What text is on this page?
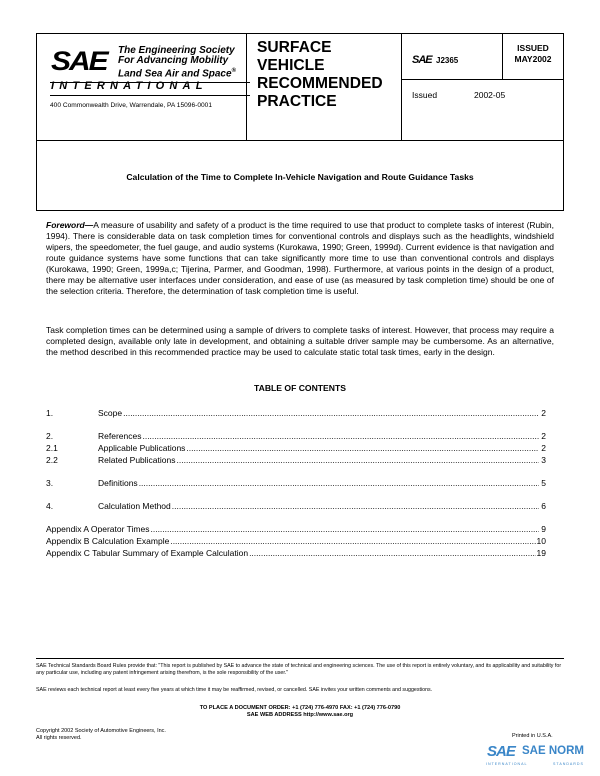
SAE The Engineering Society
For Advancing Mobility
Land Sea Air and Space®
INTERNATIONAL
400 Commonwealth Drive, Warrendale, PA 15096-0001
SURFACE
VEHICLE
RECOMMENDED
PRACTICE
SAE J2365
ISSUED
MAY2002
Issued	2002-05
Calculation of the Time to Complete In-Vehicle Navigation and Route Guidance Tasks
Foreword—A measure of usability and safety of a product is the time required to use that product to complete tasks of interest (Rubin, 1994). There is considerable data on task completion times for conventional controls and displays such as the headlights, windshield wipers, the speedometer, the fuel gauge, and audio systems (Kurokawa, 1990; Green, 1999d). Current evidence is that navigation and route guidance systems have some functions that can take significantly more time to use than conventional controls and displays (Kurokawa, 1990; Green, 1999a,c; Tijerina, Parmer, and Goodman, 1998). Furthermore, at various points in the design of a product, there may be alternative user interfaces under consideration, and ease of use (as measured by task completion time) should be one of the selection criteria. Therefore, the determination of task completion time is useful.
Task completion times can be determined using a sample of drivers to complete tasks of interest. However, that process may require a completed design, available only late in development, and obtaining a suitable driver sample may be cumbersome. As an alternative, the method described in this recommended practice may be used to calculate static total task times, early in the design.
TABLE OF CONTENTS
1.	Scope .....	2
2.	References .....	2
2.1	Applicable Publications .....	2
2.2	Related Publications .....	3
3.	Definitions .....	5
4.	Calculation Method .....	6
Appendix A Operator Times .....	9
Appendix B Calculation Example .....	10
Appendix C Tabular Summary of Example Calculation .....	19
SAE Technical Standards Board Rules provide that: "This report is published by SAE to advance the state of technical and engineering sciences. The use of this report is entirely voluntary, and its applicability and suitability for any particular use, including any patent infringement arising therefrom, is the sole responsibility of the user."
SAE reviews each technical report at least every five years at which time it may be reaffirmed, revised, or cancelled. SAE invites your written comments and suggestions.
TO PLACE A DOCUMENT ORDER: +1 (724) 776-4970 FAX: +1 (724) 776-0790
SAE WEB ADDRESS http://www.sae.org
Copyright 2002 Society of Automotive Engineers, Inc.
All rights reserved.	Printed in U.S.A.
SAE SAE NORM
INTERNATIONAL	STANDARDS
